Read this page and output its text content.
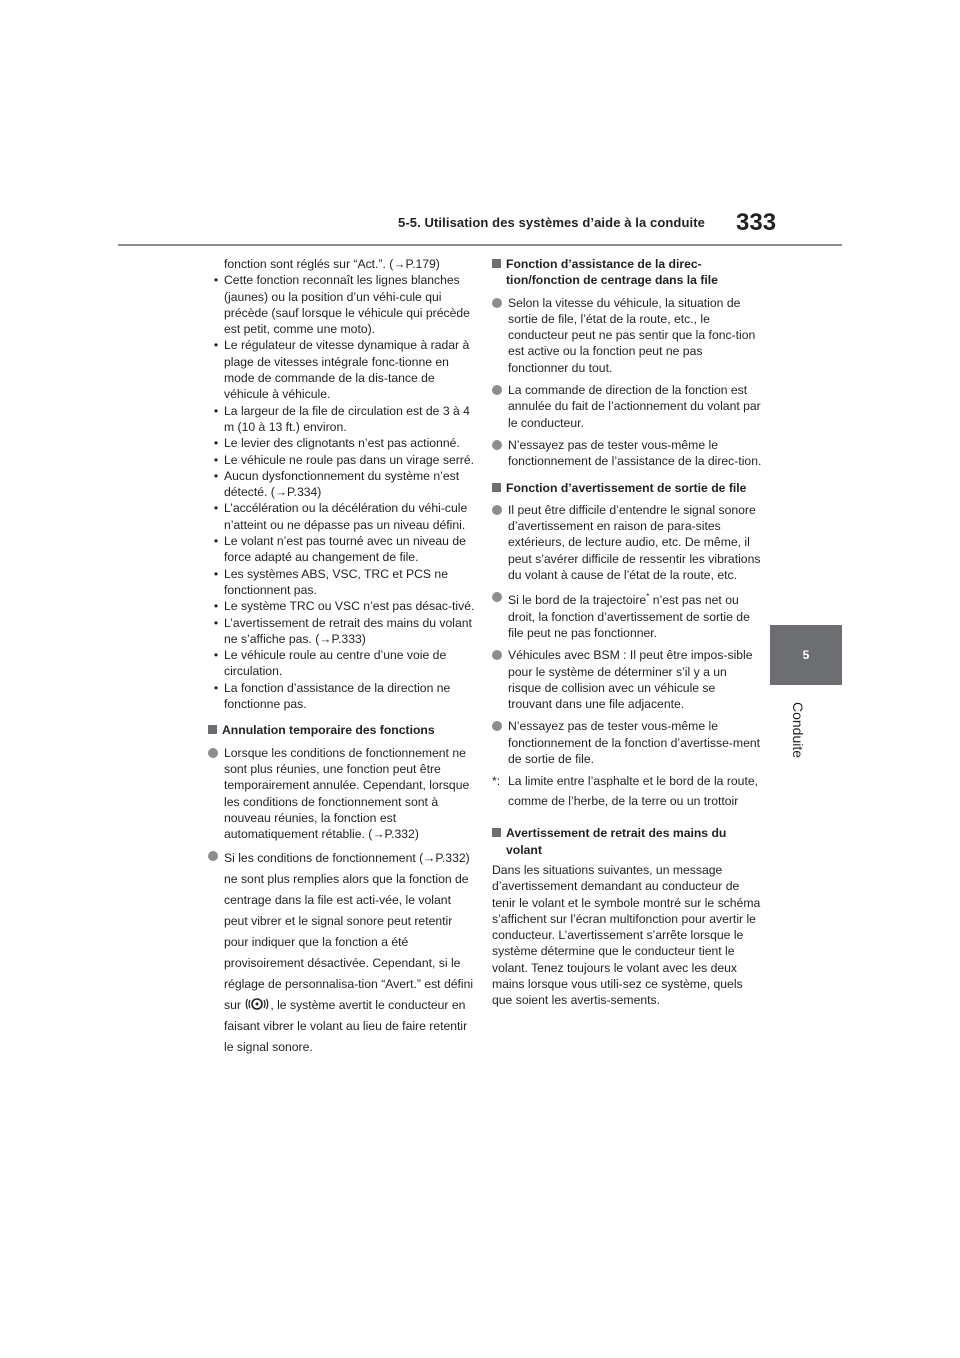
5-5. Utilisation des systèmes d’aide à la conduite 333
5
Conduite
fonction sont réglés sur “Act.”. (→P.179)
• Cette fonction reconnaît les lignes blanches (jaunes) ou la position d’un véhi-cule qui précède (sauf lorsque le véhicule qui précède est petit, comme une moto).
• Le régulateur de vitesse dynamique à radar à plage de vitesses intégrale fonc-tionne en mode de commande de la dis-tance de véhicule à véhicule.
• La largeur de la file de circulation est de 3 à 4 m (10 à 13 ft.) environ.
• Le levier des clignotants n’est pas actionné.
• Le véhicule ne roule pas dans un virage serré.
• Aucun dysfonctionnement du système n’est détecté. (→P.334)
• L’accélération ou la décélération du véhi-cule n’atteint ou ne dépasse pas un niveau défini.
• Le volant n’est pas tourné avec un niveau de force adapté au changement de file.
• Les systèmes ABS, VSC, TRC et PCS ne fonctionnent pas.
• Le système TRC ou VSC n’est pas désac-tivé.
• L’avertissement de retrait des mains du volant ne s’affiche pas. (→P.333)
• Le véhicule roule au centre d’une voie de circulation.
• La fonction d’assistance de la direction ne fonctionne pas.
Annulation temporaire des fonctions
Lorsque les conditions de fonctionnement ne sont plus réunies, une fonction peut être temporairement annulée. Cependant, lorsque les conditions de fonctionnement sont à nouveau réunies, la fonction est automatiquement rétablie. (→P.332)
Si les conditions de fonctionnement (→P.332) ne sont plus remplies alors que la fonction de centrage dans la file est acti-vée, le volant peut vibrer et le signal sonore peut retentir pour indiquer que la fonction a été provisoirement désactivée. Cependant, si le réglage de personnalisa-tion “Avert.” est défini sur , le système avertit le conducteur en faisant vibrer le volant au lieu de faire retentir le signal sonore.
Fonction d’assistance de la direc-tion/fonction de centrage dans la file
Selon la vitesse du véhicule, la situation de sortie de file, l’état de la route, etc., le conducteur peut ne pas sentir que la fonc-tion est active ou la fonction peut ne pas fonctionner du tout.
La commande de direction de la fonction est annulée du fait de l’actionnement du volant par le conducteur.
N’essayez pas de tester vous-même le fonctionnement de l’assistance de la direc-tion.
Fonction d’avertissement de sortie de file
Il peut être difficile d’entendre le signal sonore d’avertissement en raison de para-sites extérieurs, de lecture audio, etc. De même, il peut s’avérer difficile de ressentir les vibrations du volant à cause de l’état de la route, etc.
Si le bord de la trajectoire* n’est pas net ou droit, la fonction d’avertissement de sortie de file peut ne pas fonctionner.
Véhicules avec BSM : Il peut être impos-sible pour le système de déterminer s’il y a un risque de collision avec un véhicule se trouvant dans une file adjacente.
N’essayez pas de tester vous-même le fonctionnement de la fonction d’avertisse-ment de sortie de file.
*: La limite entre l’asphalte et le bord de la route, comme de l’herbe, de la terre ou un trottoir
Avertissement de retrait des mains du volant
Dans les situations suivantes, un message d’avertissement demandant au conducteur de tenir le volant et le symbole montré sur le schéma s’affichent sur l’écran multifonction pour avertir le conducteur. L’avertissement s’arrête lorsque le système détermine que le conducteur tient le volant. Tenez toujours le volant avec les deux mains lorsque vous utili-sez ce système, quels que soient les avertis-sements.
